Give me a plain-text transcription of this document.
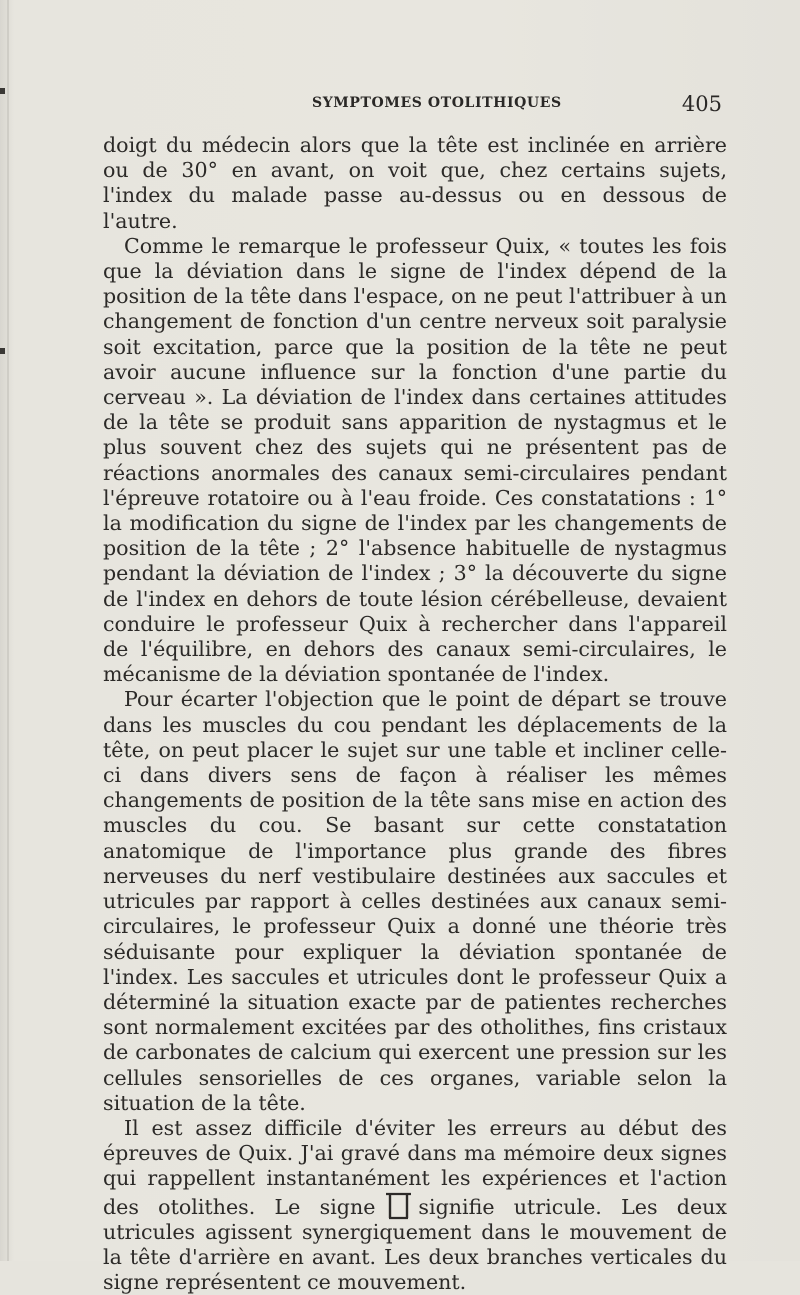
SYMPTOMES OTOLITHIQUES	405

doigt du médecin alors que la tête est inclinée en arrière ou de 30° en avant, on voit que, chez certains sujets, l'index du malade passe au-dessus ou en dessous de l'autre.

Comme le remarque le professeur Quix, « toutes les fois que la déviation dans le signe de l'index dépend de la position de la tête dans l'espace, on ne peut l'attribuer à un changement de fonction d'un centre nerveux soit paralysie soit excitation, parce que la position de la tête ne peut avoir aucune influence sur la fonction d'une partie du cerveau ». La déviation de l'index dans certaines attitudes de la tête se produit sans apparition de nystagmus et le plus souvent chez des sujets qui ne présentent pas de réactions anormales des canaux semi-circulaires pendant l'épreuve rotatoire ou à l'eau froide. Ces constatations : 1° la modification du signe de l'index par les changements de position de la tête ; 2° l'absence habituelle de nystagmus pendant la déviation de l'index ; 3° la découverte du signe de l'index en dehors de toute lésion cérébelleuse, devaient conduire le professeur Quix à rechercher dans l'appareil de l'équilibre, en dehors des canaux semi-circulaires, le mécanisme de la déviation spontanée de l'index.

Pour écarter l'objection que le point de départ se trouve dans les muscles du cou pendant les déplacements de la tête, on peut placer le sujet sur une table et incliner celle-ci dans divers sens de façon à réaliser les mêmes changements de position de la tête sans mise en action des muscles du cou. Se basant sur cette constatation anatomique de l'importance plus grande des fibres nerveuses du nerf vestibulaire destinées aux saccules et utricules par rapport à celles destinées aux canaux semi-circulaires, le professeur Quix a donné une théorie très séduisante pour expliquer la déviation spontanée de l'index. Les saccules et utricules dont le professeur Quix a déterminé la situation exacte par de patientes recherches sont normalement excitées par des otholithes, fins cristaux de carbonates de calcium qui exercent une pression sur les cellules sensorielles de ces organes, variable selon la situation de la tête.

Il est assez difficile d'éviter les erreurs au début des épreuves de Quix. J'ai gravé dans ma mémoire deux signes qui rappellent instantanément les expériences et l'action des otolithes. Le signe signifie utricule. Les deux utricules agissent synergiquement dans le mouvement de la tête d'arrière en avant. Les deux branches verticales du signe représentent ce mouvement.
